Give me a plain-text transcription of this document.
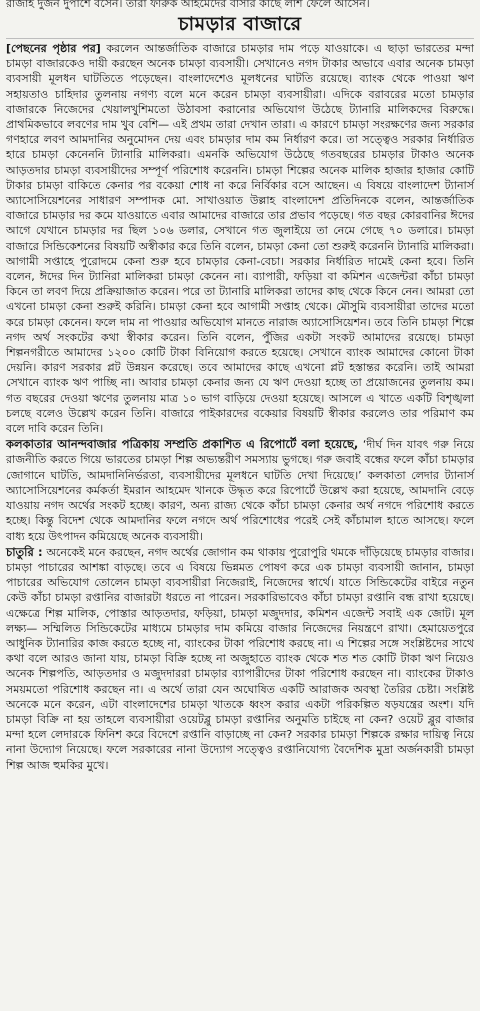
রাজাহ দুজন দুপাশে বসেন। তারা ফারুক আহমেদের বাসার কাছে লাশ ফেলে আসেন।
চামড়ার বাজারে

[পেছনের পৃষ্ঠার পর] করলেন আন্তর্জাতিক বাজারে চামড়ার দাম পড়ে যাওয়াকে। এ ছাড়া ভারতের মন্দা চামড়া বাজারকেও দায়ী করছেন অনেক চামড়া ব্যবসায়ী। সেখানেও নগদ টাকার অভাবে এবার অনেক চামড়া ব্যবসায়ী মূলধন ঘাটতিতে পড়েছেন। বাংলাদেশেও মূলধনের ঘাটতি রয়েছে। ব্যাংক থেকে পাওয়া ঋণ সহায়তাও চাহিদার তুলনায় নগণ্য বলে মনে করেন চামড়া ব্যবসায়ীরা। এদিকে বরাবরের মতো চামড়ার বাজারকে নিজেদের খেয়ালখুশিমতো উঠাবসা করানোর অভিযোগ উঠেছে ট্যানারি মালিকদের বিরুদ্ধে। প্রাথমিকভাবে লবণের দাম খুব বেশি— এই প্রথম তারা দেখান তারা। এ কারণে চামড়া সংরক্ষণের জন্য সরকার গণহারে লবণ আমদানির অনুমোদন দেয় এবং চামড়ার দাম কম নির্ধারণ করে। তা সত্ত্বেও সরকার নির্ধারিত হারে চামড়া কেনেননি ট্যানারি মালিকরা। এমনকি অভিযোগ উঠেছে গতবছরের চামড়ার টাকাও অনেক আড়তদার চামড়া ব্যবসায়ীদের সম্পূর্ণ পরিশোধ করেননি। চামড়া শিল্পের অনেক মালিক হাজার হাজার কোটি টাকার চামড়া বাকিতে কেনার পর বকেয়া শোধ না করে নির্বিকার বসে আছেন। এ বিষয়ে বাংলাদেশ ট্যানার্স অ্যাসোসিয়েশনের সাধারণ সম্পাদক মো. সাখাওয়াত উল্লাহ বাংলাদেশ প্রতিদিনকে বলেন, আন্তর্জাতিক বাজারে চামড়ার দর কমে যাওয়াতে এবার আমাদের বাজারে তার প্রভাব পড়েছে। গত বছর কোরবানির ঈদের আগে যেখানে চামড়ার দর ছিল ১০৬ ডলার, সেখানে গত জুলাইয়ে তা নেমে গেছে ৭০ ডলারে। চামড়া বাজারে সিন্ডিকেশনের বিষয়টি অস্বীকার করে তিনি বলেন, চামড়া কেনা তো শুরুই করেননি ট্যানারি মালিকরা। আগামী সপ্তাহে পুরোদমে কেনা শুরু হবে চামড়ার কেনা-বেচা। সরকার নির্ধারিত দামেই কেনা হবে। তিনি বলেন, ঈদের দিন ট্যানিরা মালিকরা চামড়া কেনেন না। ব্যাপারী, ফড়িয়া বা কমিশন এজেন্টরা কাঁচা চামড়া কিনে তা লবণ দিয়ে প্রক্রিয়াজাত করেন। পরে তা ট্যানারি মালিকরা তাদের কাছ থেকে কিনে নেন। আমরা তো এখনো চামড়া কেনা শুরুই করিনি। চামড়া কেনা হবে আগামী সপ্তাহ থেকে। মৌসুমি ব্যবসায়ীরা তাদের মতো করে চামড়া কেনেন। ফলে দাম না পাওয়ার অভিযোগ মানতে নারাজ অ্যাসোসিয়েশন। তবে তিনি চামড়া শিল্পে নগদ অর্থ সংকটের কথা স্বীকার করেন। তিনি বলেন, পুঁজির একটা সংকট আমাদের রয়েছে। চামড়া শিল্পনগরীতে আমাদের ১২০০ কোটি টাকা বিনিয়োগ করতে হয়েছে। সেখানে ব্যাংক আমাদের কোনো টাকা দেয়নি। কারণ সরকার প্লট উন্নয়ন করেছে। তবে আমাদের কাছে এখনো প্লট হস্তান্তর করেনি। তাই আমরা সেখানে ব্যাংক ঋণ পাচ্ছি না। আবার চামড়া কেনার জন্য যে ঋণ দেওয়া হচ্ছে তা প্রয়োজনের তুলনায় কম। গত বছরের দেওয়া ঋণের তুলনায় মাত্র ১০ ভাগ বাড়িয়ে দেওয়া হয়েছে। আসলে এ খাতে একটি বিশৃঙ্খলা চলছে বলেও উল্লেখ করেন তিনি। বাজারে পাইকারদের বকেয়ার বিষয়টি স্বীকার করলেও তার পরিমাণ কম বলে দাবি করেন তিনি।

কলকাতার আনন্দবাজার পত্রিকায় সম্প্রতি প্রকাশিত এ রিপোর্টে বলা হয়েছে, ‘দীর্ঘ দিন যাবৎ গরু নিয়ে রাজনীতি করতে গিয়ে ভারতের চামড়া শিল্প অভ্যন্তরীণ সমস্যায় ভুগছে। গরু জবাই বন্ধের ফলে কাঁচা চামড়ার জোগানে ঘাটতি, আমদানিনির্ভরতা, ব্যবসায়ীদের মূলধনে ঘাটতি দেখা দিয়েছে।’ কলকাতা লেদার ট্যানার্স অ্যাসোসিয়েশনের কর্মকর্তা ইমরান আহমেদ খানকে উদ্ধৃত করে রিপোর্টে উল্লেখ করা হয়েছে, আমদানি বেড়ে যাওয়ায় নগদ অর্থের সংকট হচ্ছে। কারণ, অন্য রাজ্য থেকে কাঁচা চামড়া কেনার অর্থ নগদে পরিশোধ করতে হচ্ছে। কিন্তু বিদেশ থেকে আমদানির ফলে নগদে অর্থ পরিশোধের পরেই সেই কাঁচামাল হাতে আসছে। ফলে বাধ্য হয়ে উৎপাদন কমিয়েছে অনেক ব্যবসায়ী।

চাতুরি : অনেকেই মনে করছেন, নগদ অর্থের জোগান কম থাকায় পুরোপুরি থমকে দাঁড়িয়েছে চামড়ার বাজার। চামড়া পাচারের আশঙ্কা বাড়ছে। তবে এ বিষয়ে ভিন্নমত পোষণ করে এক চামড়া ব্যবসায়ী জানান, চামড়া পাচারের অভিযোগ তোলেন চামড়া ব্যবসায়ীরা নিজেরাই, নিজেদের স্বার্থে। যাতে সিন্ডিকেটের বাইরে নতুন কেউ কাঁচা চামড়া রপ্তানির বাজারটা ধরতে না পারেন। সরকারিভাবেও কাঁচা চামড়া রপ্তানি বন্ধ রাখা হয়েছে। এক্ষেত্রে শিল্প মালিক, পোস্তার আড়তদার, ফড়িয়া, চামড়া মজুদদার, কমিশন এজেন্ট সবাই এক জোট। মূল লক্ষ্য— সম্মিলিত সিন্ডিকেটের মাধ্যমে চামড়ার দাম কমিয়ে বাজার নিজেদের নিয়ন্ত্রণে রাখা। হেমায়েতপুরে আধুনিক ট্যানারির কাজ করতে হচ্ছে না, ব্যাংকের টাকা পরিশোধ করছে না। এ শিল্পের সঙ্গে সংশ্লিষ্টদের সাথে কথা বলে আরও জানা যায়, চামড়া বিক্রি হচ্ছে না অজুহাতে ব্যাংক থেকে শত শত কোটি টাকা ঋণ নিয়েও অনেক শিল্পপতি, আড়তদার ও মজুদদাররা চামড়ার ব্যাপারীদের টাকা পরিশোধ করছেন না। ব্যাংকের টাকাও সময়মতো পরিশোধ করছেন না। এ অর্থে তারা যেন অঘোষিত একটি আরাজক অবস্থা তৈরির চেষ্টা। সংশ্লিষ্ট অনেকে মনে করেন, এটা বাংলাদেশের চামড়া খাতকে ধ্বংস করার একটা পরিকল্পিত ষড়যন্ত্রের অংশ। যদি চামড়া বিক্রি না হয় তাহলে ব্যবসায়ীরা ওয়েটব্লু চামড়া রপ্তানির অনুমতি চাইছে না কেন? ওয়েট ব্লুর বাজার মন্দা হলে লেদারকে ফিনিশ করে বিদেশে রপ্তানি বাড়াচ্ছে না কেন? সরকার চামড়া শিল্পকে রক্ষার দায়িত্ব নিয়ে নানা উদ্যোগ নিয়েছে। ফলে সরকারের নানা উদ্যোগ সত্ত্বেও রপ্তানিযোগ্য বৈদেশিক মুদ্রা অর্জনকারী চামড়া শিল্প আজ হুমকির মুখে।
